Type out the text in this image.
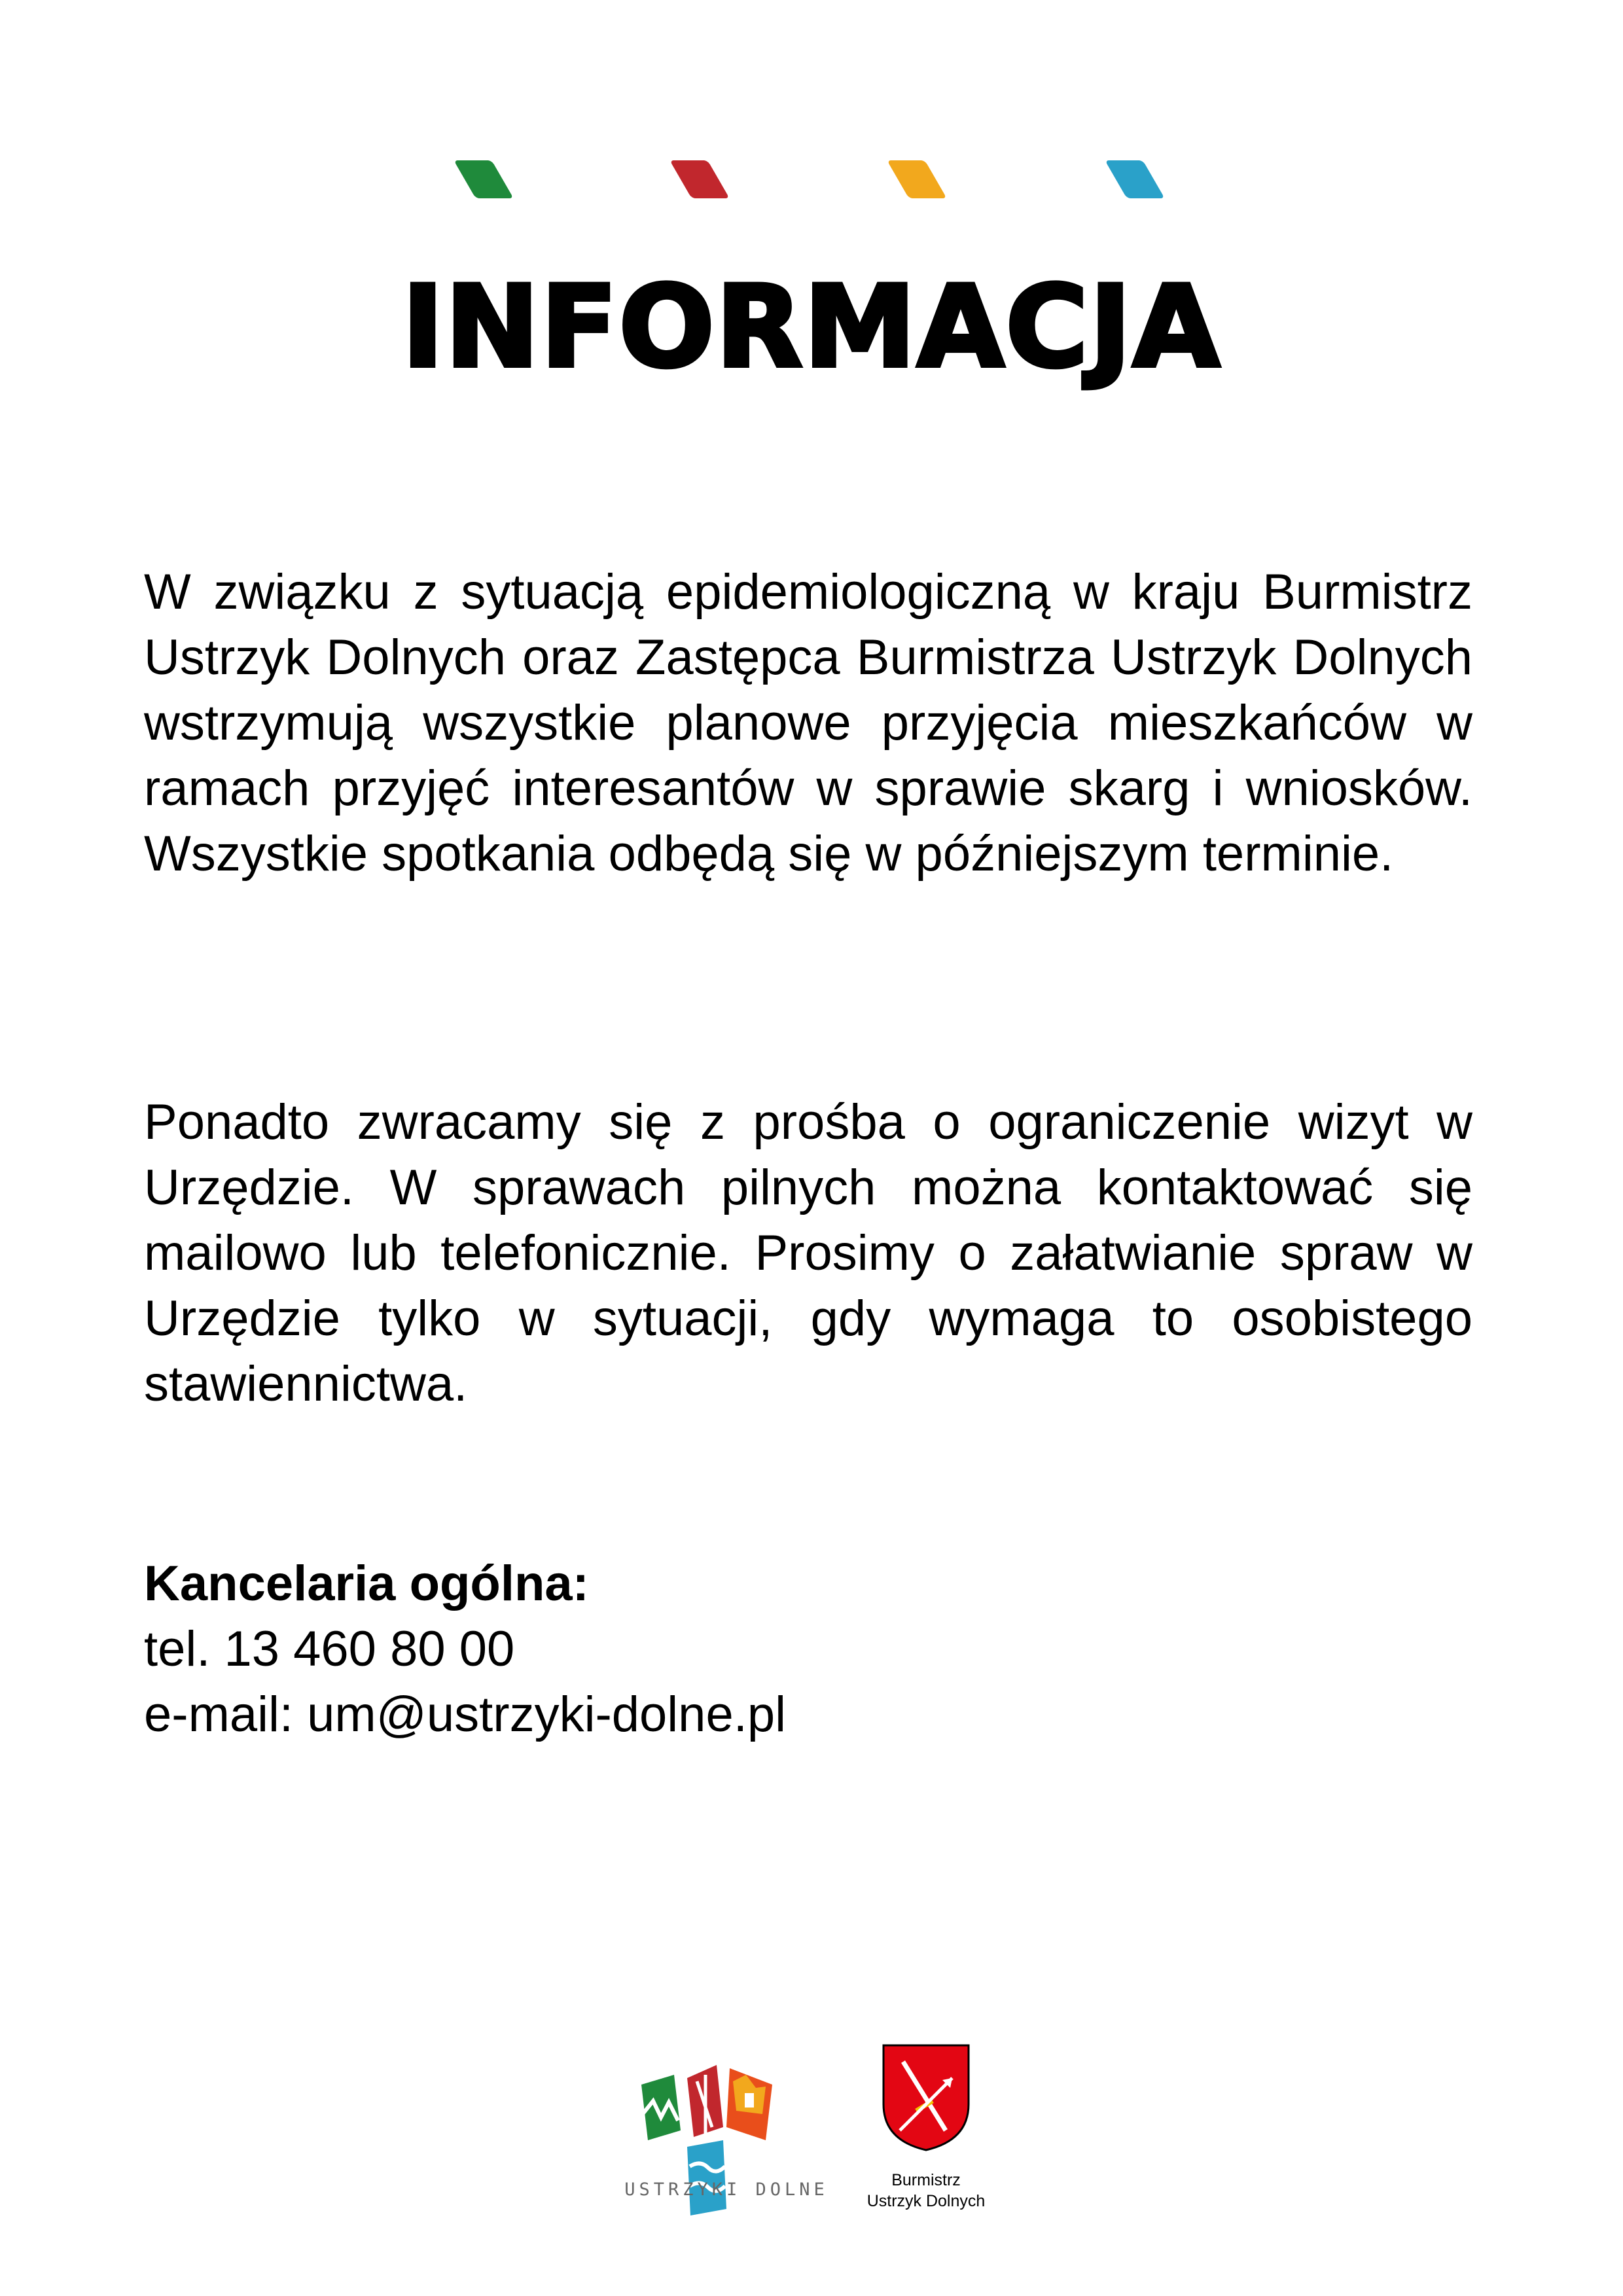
INFORMACJA

W związku z sytuacją epidemiologiczną w kraju Burmistrz Ustrzyk Dolnych oraz Zastępca Burmistrza Ustrzyk Dolnych wstrzymują wszystkie planowe przyjęcia mieszkańców w ramach przyjęć interesantów w sprawie skarg i wniosków. Wszystkie spotkania odbędą się w późniejszym terminie.

Ponadto zwracamy się z prośba o ograniczenie wizyt w Urzędzie. W sprawach pilnych można kontaktować się mailowo lub telefonicznie. Prosimy o załatwianie spraw w Urzędzie tylko w sytuacji, gdy wymaga to osobistego stawiennictwa.

Kancelaria ogólna:
tel. 13 460 80 00
e-mail: um@ustrzyki-dolne.pl
USTRZYKI DOLNE	Burmistrz
Ustrzyk Dolnych
